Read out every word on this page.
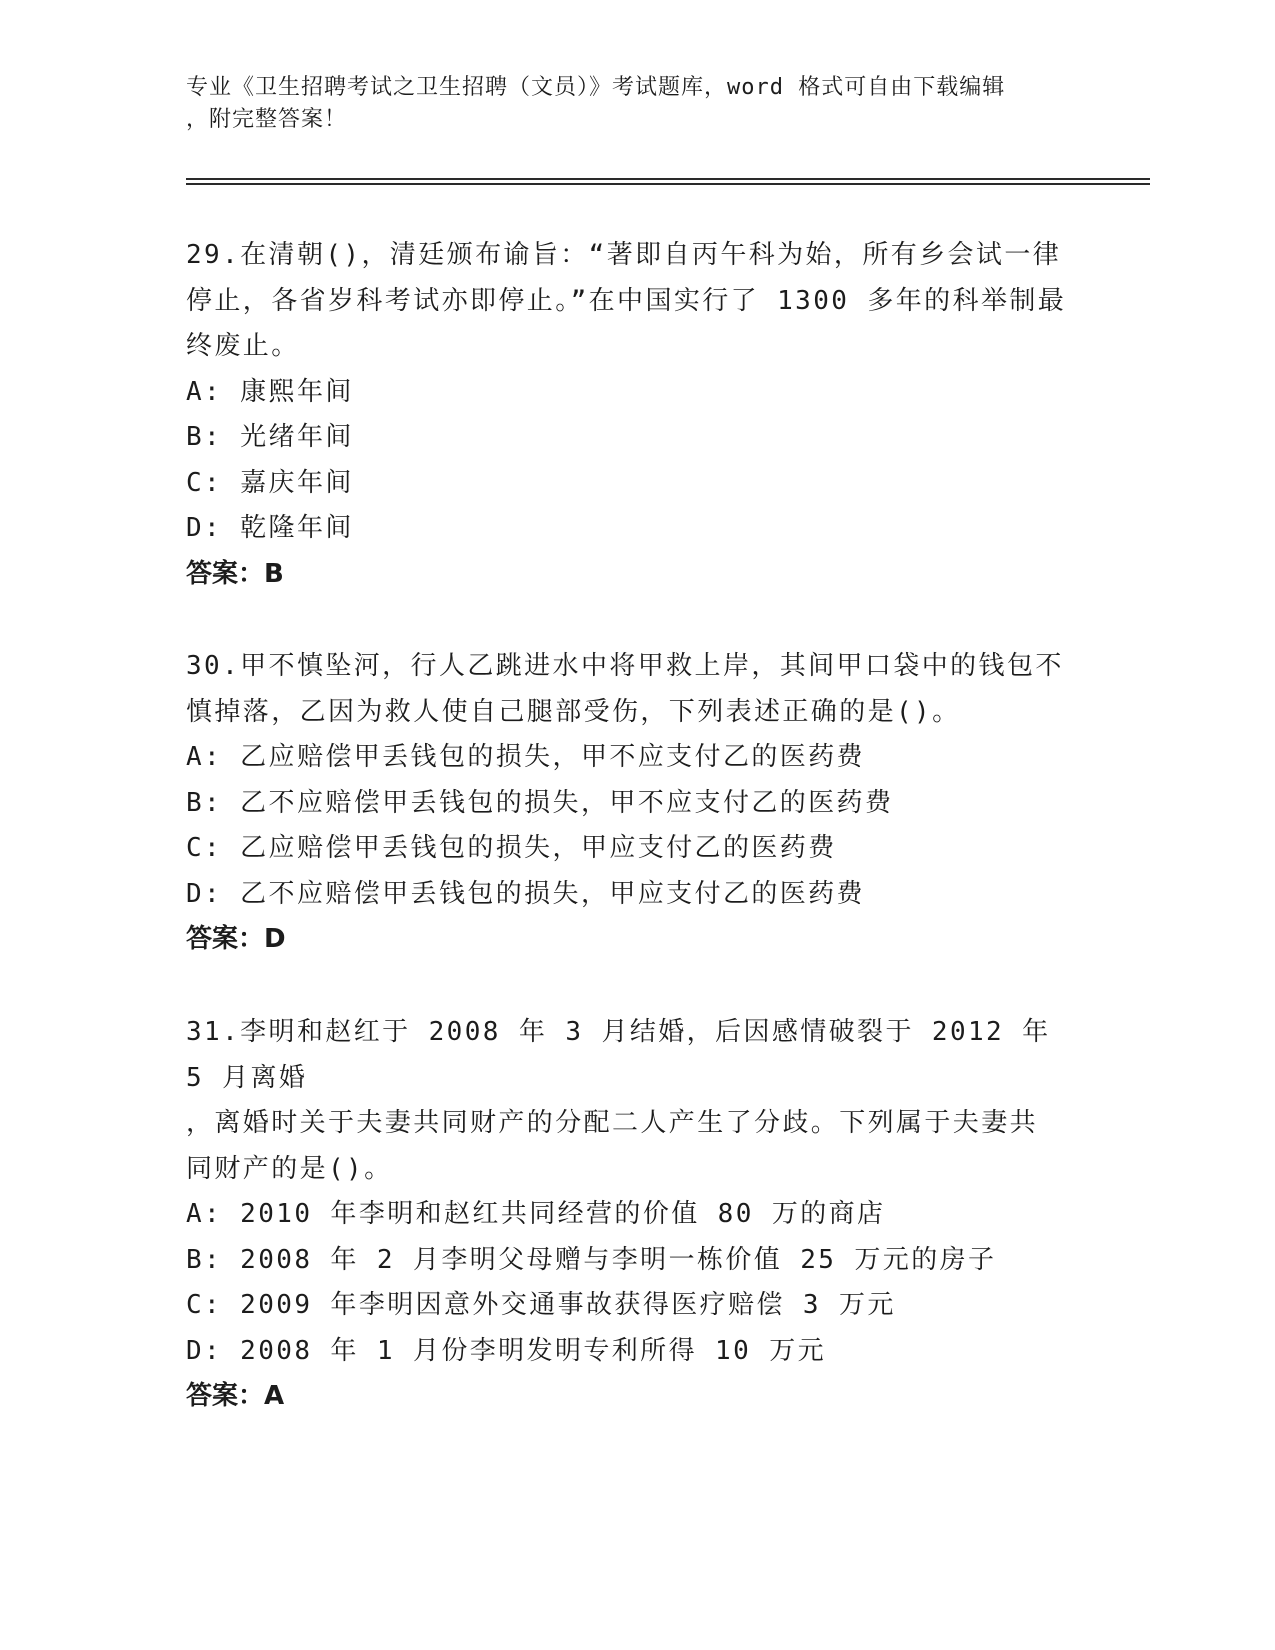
专业《卫生招聘考试之卫生招聘（文员）》考试题库，word 格式可自由下载编辑
，附完整答案！
29.在清朝()，清廷颁布谕旨：“著即自丙午科为始，所有乡会试一律
停止，各省岁科考试亦即停止。”在中国实行了 1300 多年的科举制最
终废止。
A: 康熙年间
B: 光绪年间
C: 嘉庆年间
D: 乾隆年间
答案：B
30.甲不慎坠河，行人乙跳进水中将甲救上岸，其间甲口袋中的钱包不
慎掉落，乙因为救人使自己腿部受伤，下列表述正确的是()。
A: 乙应赔偿甲丢钱包的损失，甲不应支付乙的医药费
B: 乙不应赔偿甲丢钱包的损失，甲不应支付乙的医药费
C: 乙应赔偿甲丢钱包的损失，甲应支付乙的医药费
D: 乙不应赔偿甲丢钱包的损失，甲应支付乙的医药费
答案：D
31.李明和赵红于 2008 年 3 月结婚，后因感情破裂于 2012 年 5 月离婚
，离婚时关于夫妻共同财产的分配二人产生了分歧。下列属于夫妻共
同财产的是()。
A: 2010 年李明和赵红共同经营的价值 80 万的商店
B: 2008 年 2 月李明父母赠与李明一栋价值 25 万元的房子
C: 2009 年李明因意外交通事故获得医疗赔偿 3 万元
D: 2008 年 1 月份李明发明专利所得 10 万元
答案：A
